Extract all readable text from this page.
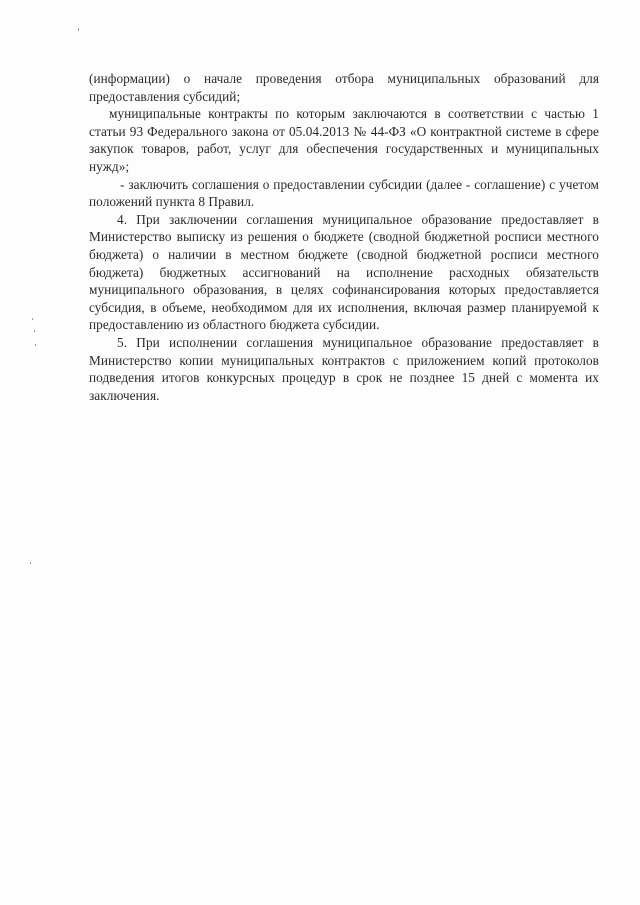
(информации) о начале проведения отбора муниципальных образований для предоставления субсидий;

муниципальные контракты по которым заключаются в соответствии с частью 1 статьи 93 Федерального закона от 05.04.2013 № 44-ФЗ «О контрактной системе в сфере закупок товаров, работ, услуг для обеспечения государственных и муниципальных нужд»;

- заключить соглашения о предоставлении субсидии (далее - соглашение) с учетом положений пункта 8 Правил.

4. При заключении соглашения муниципальное образование предоставляет в Министерство выписку из решения о бюджете (сводной бюджетной росписи местного бюджета) о наличии в местном бюджете (сводной бюджетной росписи местного бюджета) бюджетных ассигнований на исполнение расходных обязательств муниципального образования, в целях софинансирования которых предоставляется субсидия, в объеме, необходимом для их исполнения, включая размер планируемой к предоставлению из областного бюджета субсидии.

5. При исполнении соглашения муниципальное образование предоставляет в Министерство копии муниципальных контрактов с приложением копий протоколов подведения итогов конкурсных процедур в срок не позднее 15 дней с момента их заключения.
